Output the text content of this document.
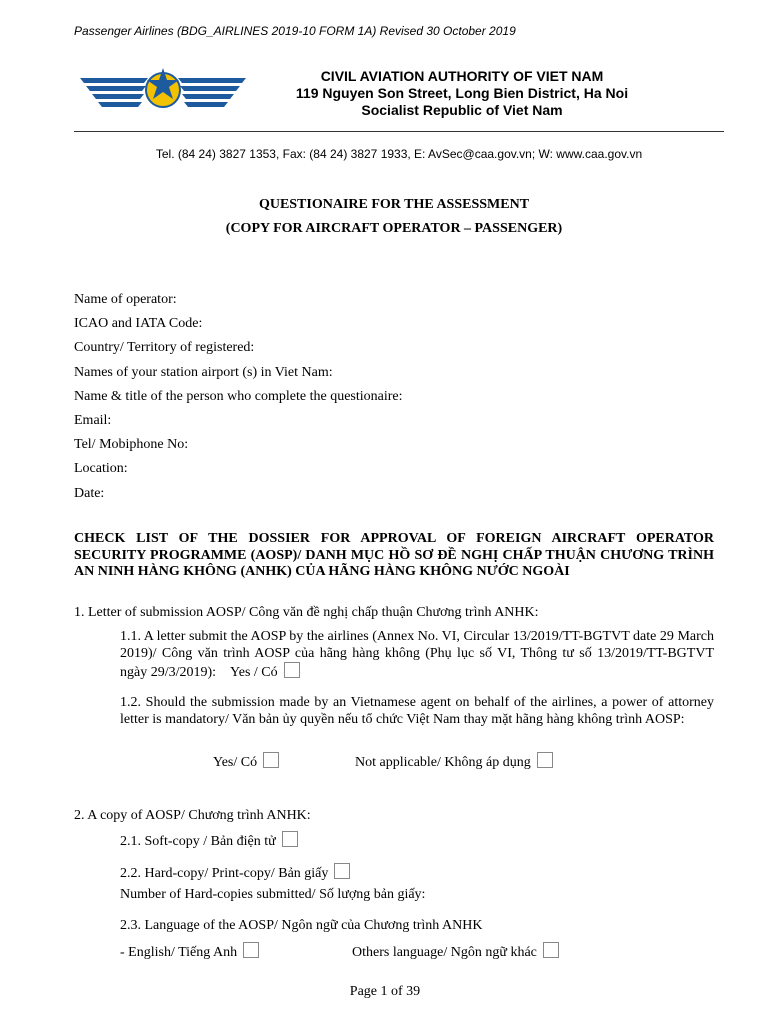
Passenger Airlines (BDG_AIRLINES 2019-10 FORM 1A) Revised 30 October 2019
CIVIL AVIATION AUTHORITY OF VIET NAM
119 Nguyen Son Street, Long Bien District, Ha Noi
Socialist Republic of Viet Nam
Tel. (84 24) 3827 1353, Fax: (84 24) 3827 1933, E: AvSec@caa.gov.vn; W: www.caa.gov.vn
QUESTIONAIRE FOR THE ASSESSMENT
(COPY FOR AIRCRAFT OPERATOR – PASSENGER)
Name of operator:
ICAO and IATA Code:
Country/ Territory of registered:
Names of your station airport (s) in Viet Nam:
Name & title of the person who complete the questionaire:
Email:
Tel/ Mobiphone No:
Location:
Date:
CHECK LIST OF THE DOSSIER FOR APPROVAL OF FOREIGN AIRCRAFT OPERATOR SECURITY PROGRAMME (AOSP)/ DANH MỤC HỒ SƠ ĐỀ NGHỊ CHẤP THUẬN CHƯƠNG TRÌNH AN NINH HÀNG KHÔNG (ANHK) CỦA HÃNG HÀNG KHÔNG NƯỚC NGOÀI
1. Letter of submission AOSP/ Công văn đề nghị chấp thuận Chương trình ANHK:
1.1. A letter submit the AOSP by the airlines (Annex No. VI, Circular 13/2019/TT-BGTVT date 29 March 2019)/ Công văn trình AOSP của hãng hàng không (Phụ lục số VI, Thông tư số 13/2019/TT-BGTVT ngày 29/3/2019): Yes / Có
1.2. Should the submission made by an Vietnamese agent on behalf of the airlines, a power of attorney letter is mandatory/ Văn bản ủy quyền nếu tổ chức Việt Nam thay mặt hãng hàng không trình AOSP:
Yes/ Có	Not applicable/ Không áp dụng
2. A copy of AOSP/ Chương trình ANHK:
2.1. Soft-copy / Bản điện tử
2.2. Hard-copy/ Print-copy/ Bản giấy
Number of Hard-copies submitted/ Số lượng bản giấy:
2.3. Language of the AOSP/ Ngôn ngữ của Chương trình ANHK
- English/ Tiếng Anh	Others language/ Ngôn ngữ khác
Page 1 of 39
